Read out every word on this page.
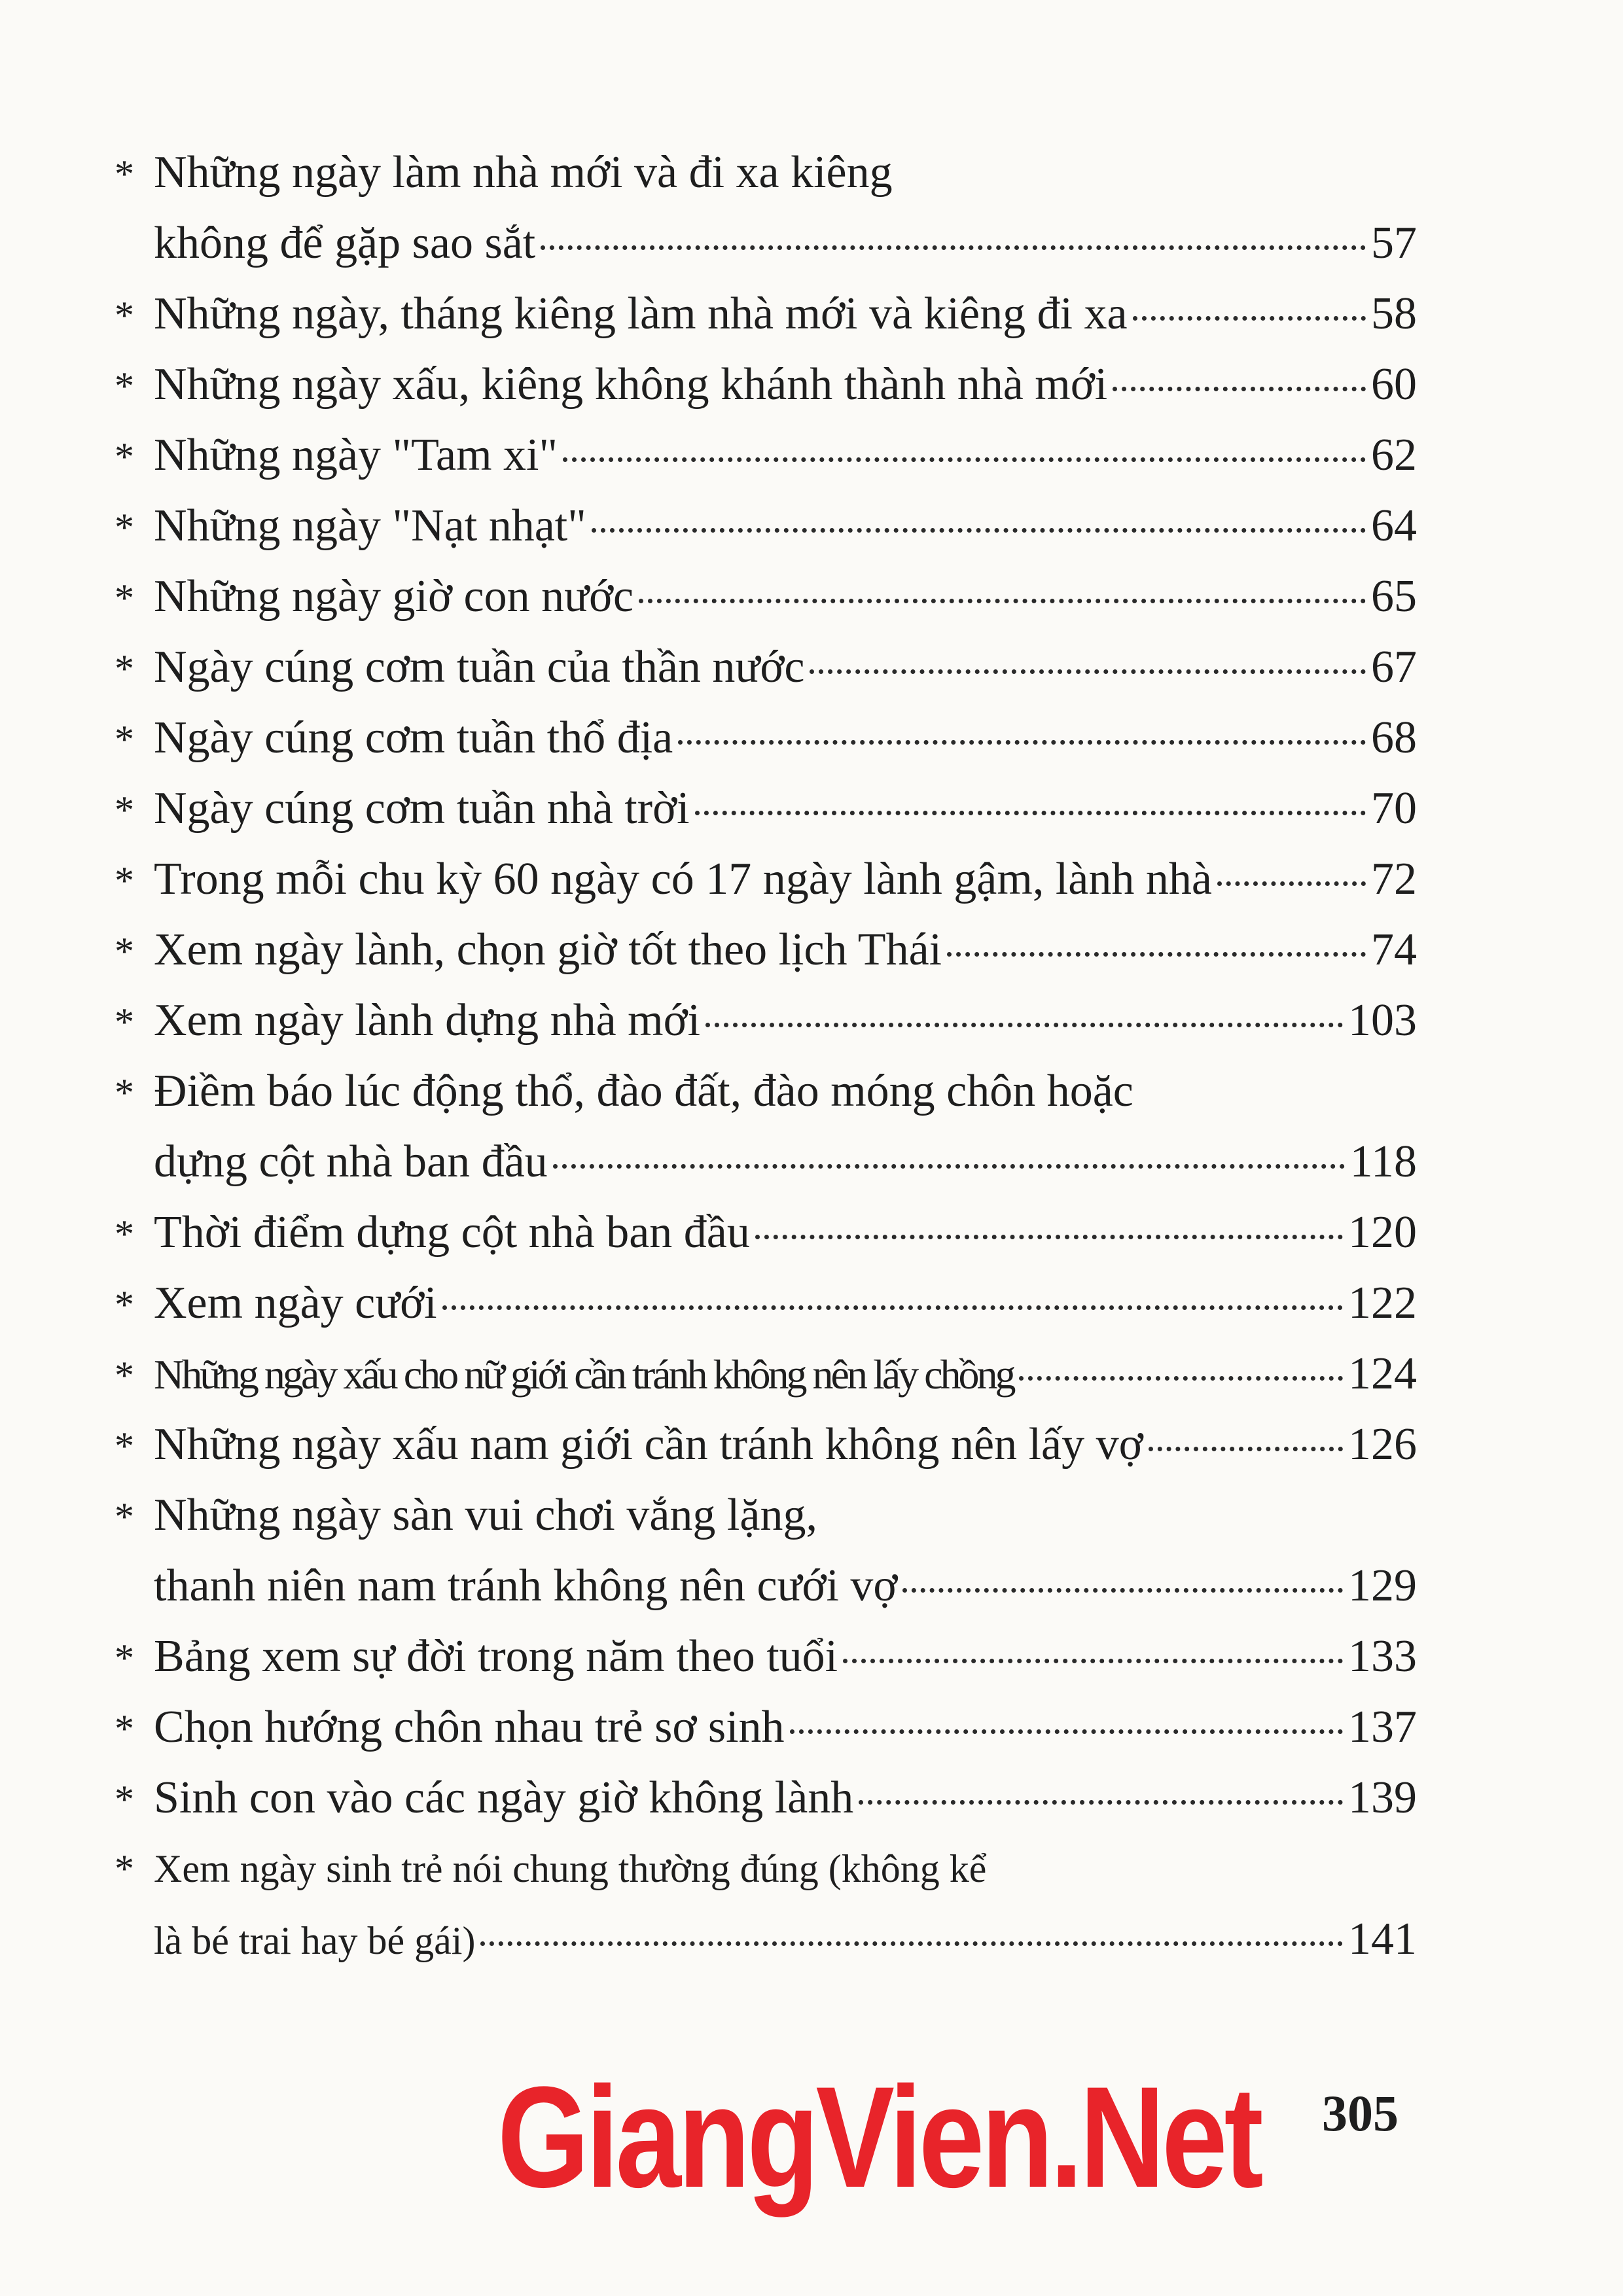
* Những ngày làm nhà mới và đi xa kiêng
không để gặp sao sắt	57
* Những ngày, tháng kiêng làm nhà mới và kiêng đi xa	58
* Những ngày xấu, kiêng không khánh thành nhà mới	60
* Những ngày "Tam xi"	62
* Những ngày "Nạt nhạt"	64
* Những ngày giờ con nước	65
* Ngày cúng cơm tuần của thần nước	67
* Ngày cúng cơm tuần thổ địa	68
* Ngày cúng cơm tuần nhà trời	70
* Trong mỗi chu kỳ 60 ngày có 17 ngày lành gậm, lành nhà	72
* Xem ngày lành, chọn giờ tốt theo lịch Thái	74
* Xem ngày lành dựng nhà mới	103
* Điềm báo lúc động thổ, đào đất, đào móng chôn hoặc
dựng cột nhà ban đầu	118
* Thời điểm dựng cột nhà ban đầu	120
* Xem ngày cưới	122
* Những ngày xấu cho nữ giới cần tránh không nên lấy chồng	124
* Những ngày xấu nam giới cần tránh không nên lấy vợ	126
* Những ngày sàn vui chơi vắng lặng,
thanh niên nam tránh không nên cưới vợ	129
* Bảng xem sự đời trong năm theo tuổi	133
* Chọn hướng chôn nhau trẻ sơ sinh	137
* Sinh con vào các ngày giờ không lành	139
* Xem ngày sinh trẻ nói chung thường đúng (không kể
là bé trai hay bé gái)	141
GiangVien.Net 305
